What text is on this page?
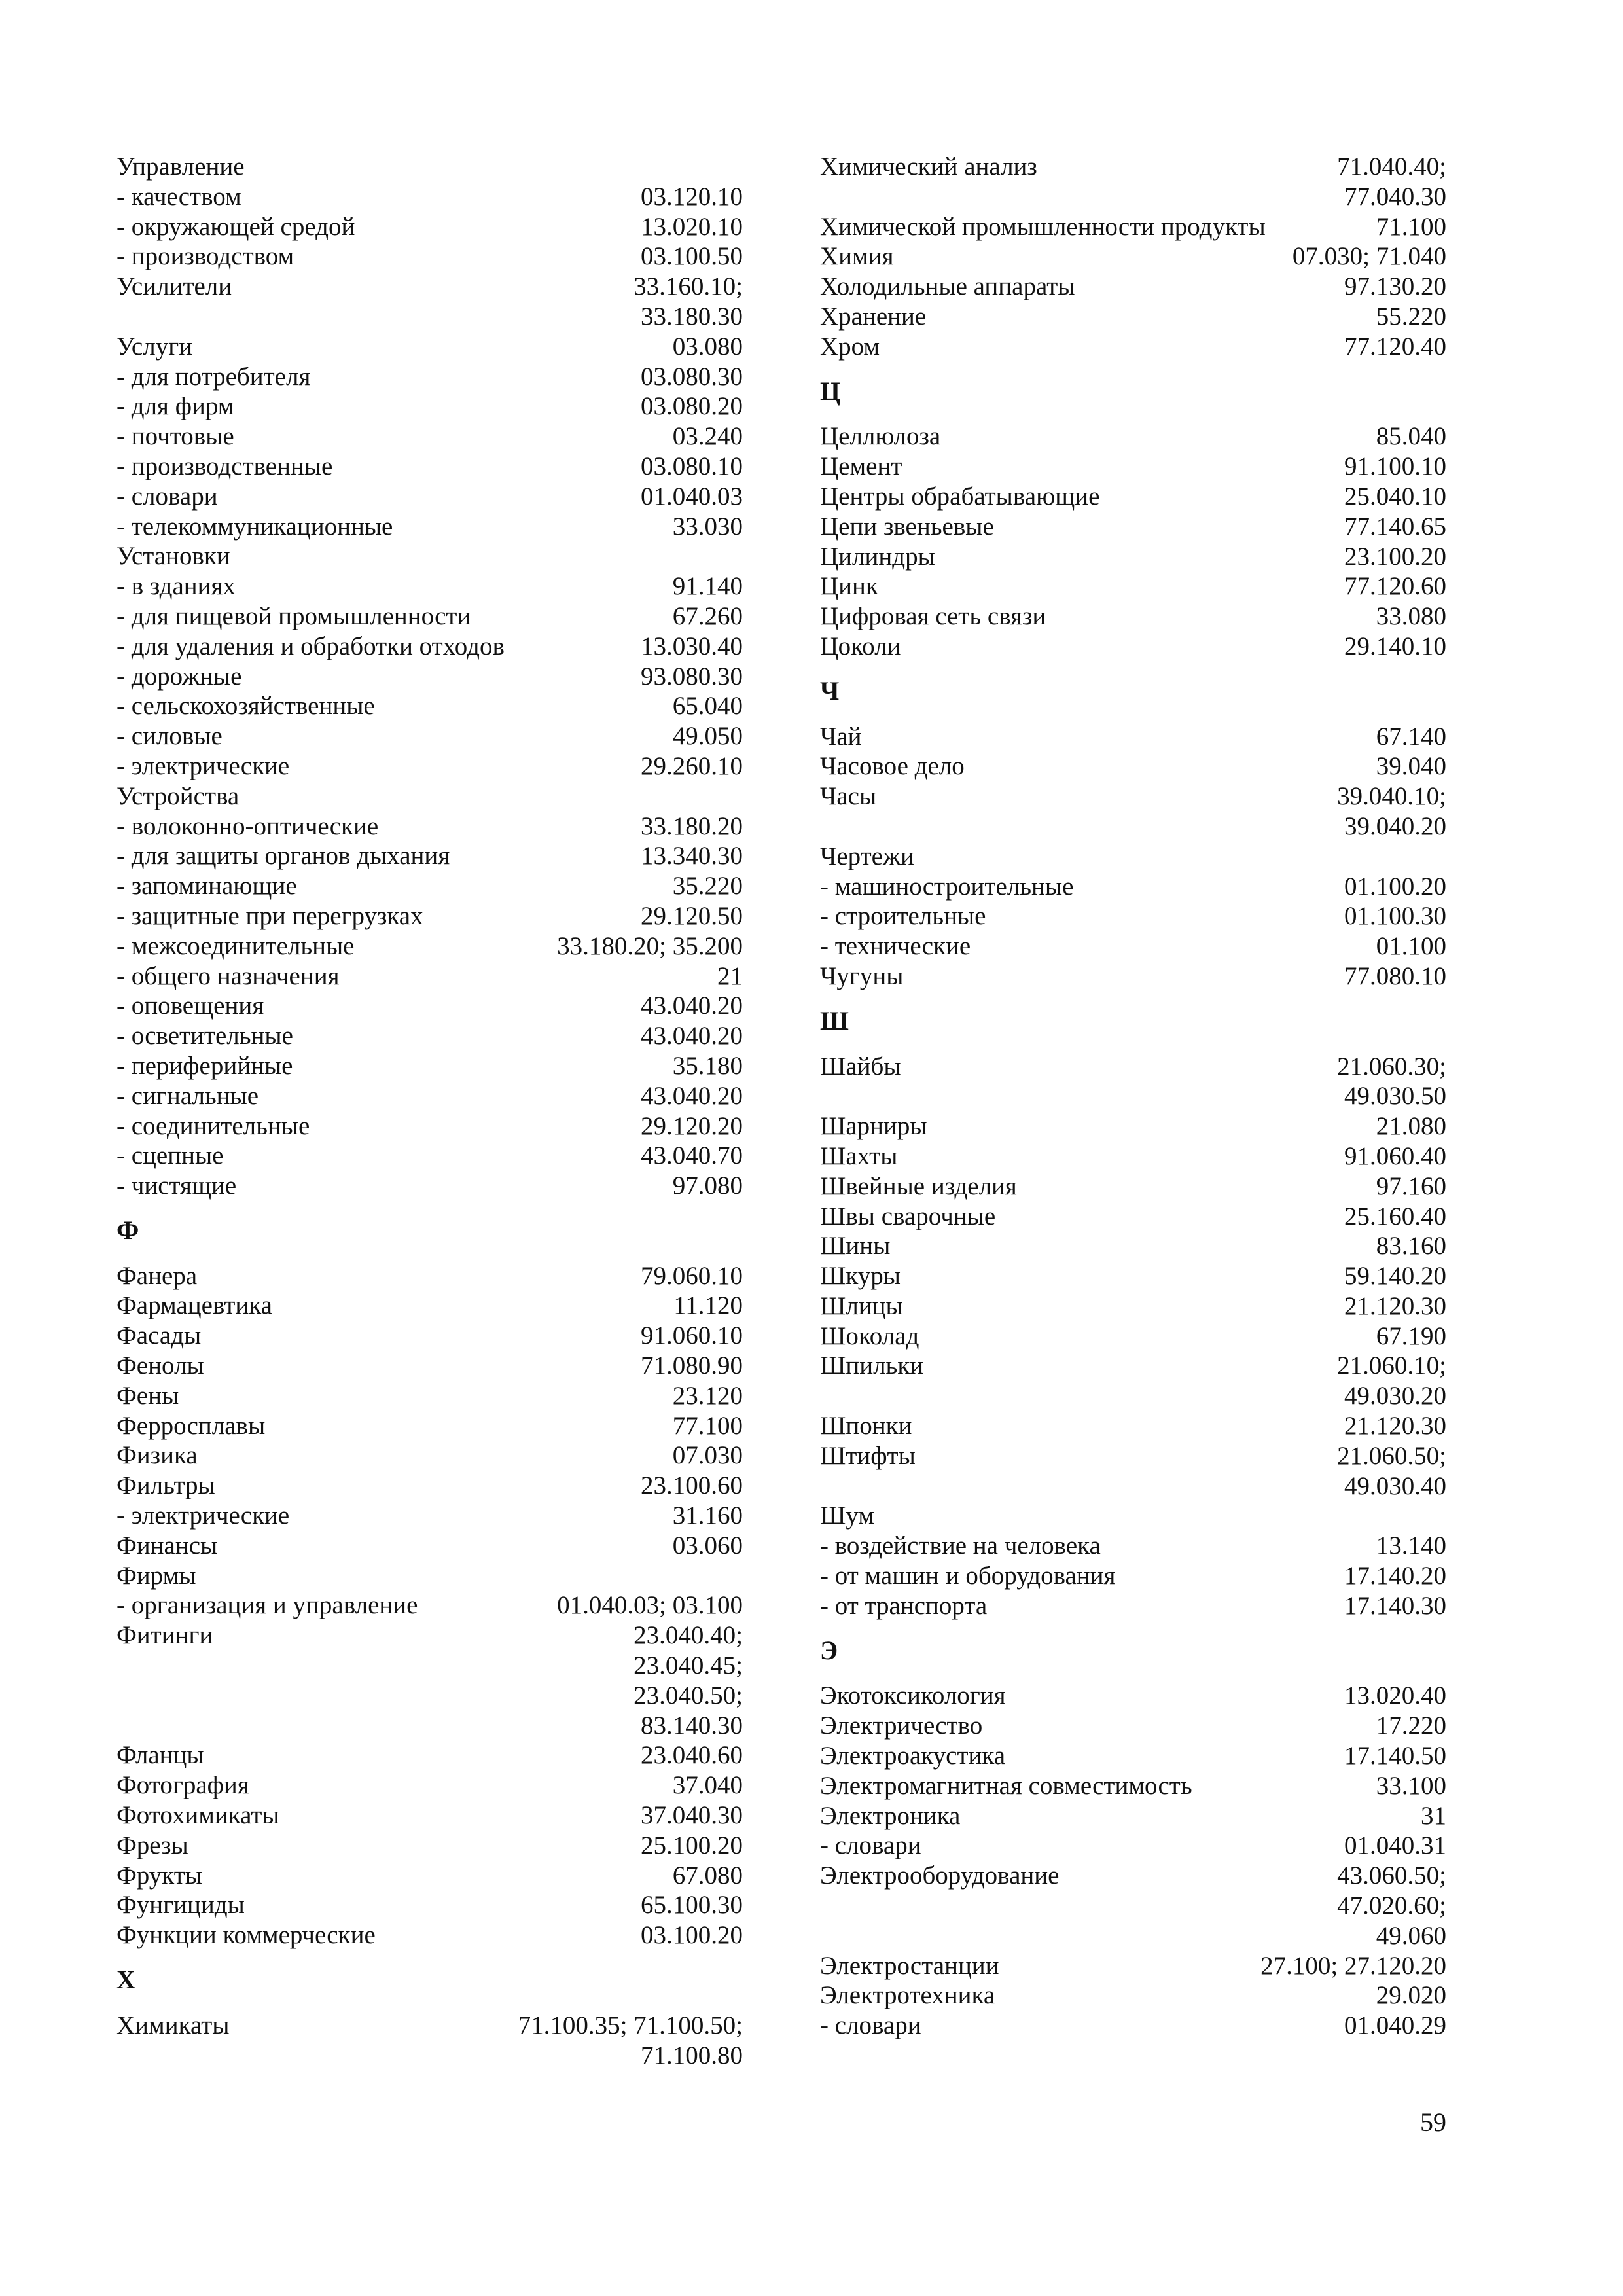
Управление
- качеством	03.120.10
- окружающей средой	13.020.10
- производством	03.100.50
Усилители	33.160.10;
33.180.30
Услуги	03.080
- для потребителя	03.080.30
- для фирм	03.080.20
- почтовые	03.240
- производственные	03.080.10
- словари	01.040.03
- телекоммуникационные	33.030
Установки
- в зданиях	91.140
- для пищевой промышленности	67.260
- для удаления и обработки отходов	13.030.40
- дорожные	93.080.30
- сельскохозяйственные	65.040
- силовые	49.050
- электрические	29.260.10
Устройства
- волоконно-оптические	33.180.20
- для защиты органов дыхания	13.340.30
- запоминающие	35.220
- защитные при перегрузках	29.120.50
- межсоединительные	33.180.20; 35.200
- общего назначения	21
- оповещения	43.040.20
- осветительные	43.040.20
- периферийные	35.180
- сигнальные	43.040.20
- соединительные	29.120.20
- сцепные	43.040.70
- чистящие	97.080
Ф
Фанера	79.060.10
Фармацевтика	11.120
Фасады	91.060.10
Фенолы	71.080.90
Фены	23.120
Ферросплавы	77.100
Физика	07.030
Фильтры	23.100.60
- электрические	31.160
Финансы	03.060
Фирмы
- организация и управление	01.040.03; 03.100
Фитинги	23.040.40;
23.040.45;
23.040.50;
83.140.30
Фланцы	23.040.60
Фотография	37.040
Фотохимикаты	37.040.30
Фрезы	25.100.20
Фрукты	67.080
Фунгициды	65.100.30
Функции коммерческие	03.100.20
Х
Химикаты	71.100.35; 71.100.50;
71.100.80
Химический анализ	71.040.40;
77.040.30
Химической промышленности продукты	71.100
Химия	07.030; 71.040
Холодильные аппараты	97.130.20
Хранение	55.220
Хром	77.120.40
Ц
Целлюлоза	85.040
Цемент	91.100.10
Центры обрабатывающие	25.040.10
Цепи звеньевые	77.140.65
Цилиндры	23.100.20
Цинк	77.120.60
Цифровая сеть связи	33.080
Цоколи	29.140.10
Ч
Чай	67.140
Часовое дело	39.040
Часы	39.040.10;
39.040.20
Чертежи
- машиностроительные	01.100.20
- строительные	01.100.30
- технические	01.100
Чугуны	77.080.10
Ш
Шайбы	21.060.30;
49.030.50
Шарниры	21.080
Шахты	91.060.40
Швейные изделия	97.160
Швы сварочные	25.160.40
Шины	83.160
Шкуры	59.140.20
Шлицы	21.120.30
Шоколад	67.190
Шпильки	21.060.10;
49.030.20
Шпонки	21.120.30
Штифты	21.060.50;
49.030.40
Шум
- воздействие на человека	13.140
- от машин и оборудования	17.140.20
- от транспорта	17.140.30
Э
Экотоксикология	13.020.40
Электричество	17.220
Электроакустика	17.140.50
Электромагнитная совместимость	33.100
Электроника	31
- словари	01.040.31
Электрооборудование	43.060.50;
47.020.60;
49.060
Электростанции	27.100; 27.120.20
Электротехника	29.020
- словари	01.040.29
59
